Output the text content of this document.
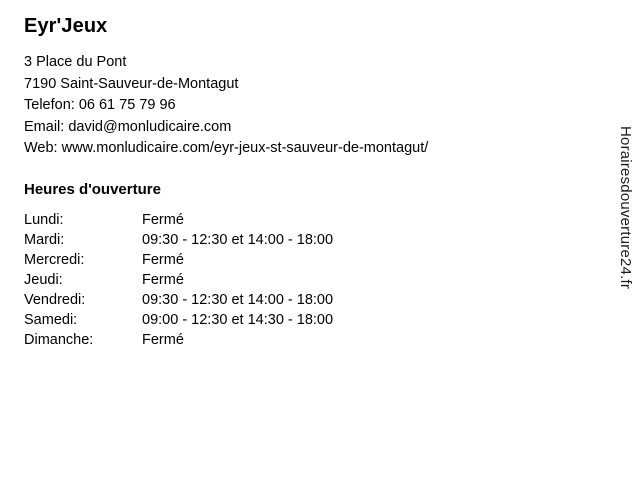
Eyr'Jeux
3 Place du Pont
7190 Saint-Sauveur-de-Montagut
Telefon: 06 61 75 79 96
Email: david@monludicaire.com
Web: www.monludicaire.com/eyr-jeux-st-sauveur-de-montagut/
Heures d'ouverture
Lundi:	Fermé
Mardi:	09:30 - 12:30 et 14:00 - 18:00
Mercredi:	Fermé
Jeudi:	Fermé
Vendredi:	09:30 - 12:30 et 14:00 - 18:00
Samedi:	09:00 - 12:30 et 14:30 - 18:00
Dimanche:	Fermé
Horairesdouverture24.fr
